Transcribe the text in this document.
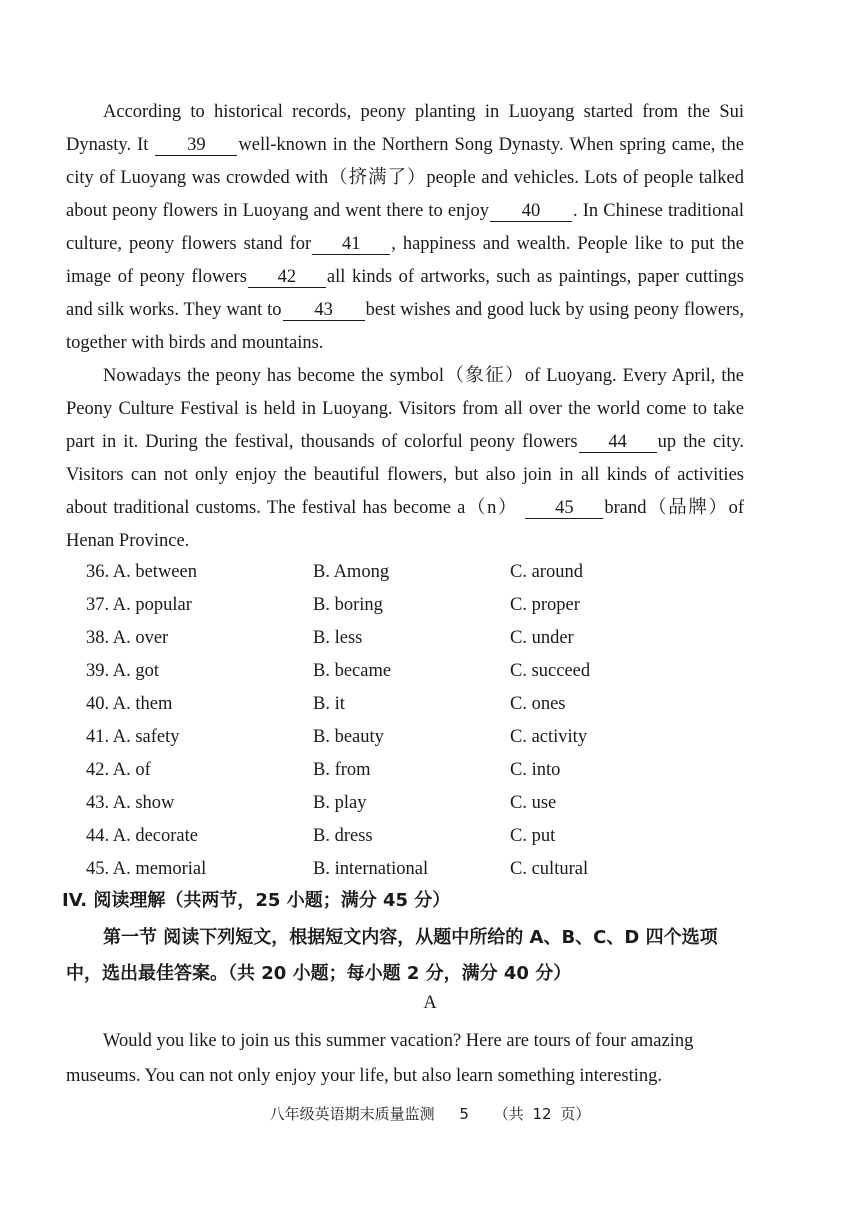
According to historical records, peony planting in Luoyang started from the Sui Dynasty. It 39 well-known in the Northern Song Dynasty. When spring came, the city of Luoyang was crowded with（挤满了）people and vehicles. Lots of people talked about peony flowers in Luoyang and went there to enjoy 40 . In Chinese traditional culture, peony flowers stand for 41 , happiness and wealth. People like to put the image of peony flowers 42 all kinds of artworks, such as paintings, paper cuttings and silk works. They want to 43 best wishes and good luck by using peony flowers, together with birds and mountains.

Nowadays the peony has become the symbol（象征）of Luoyang. Every April, the Peony Culture Festival is held in Luoyang. Visitors from all over the world come to take part in it. During the festival, thousands of colorful peony flowers 44 up the city. Visitors can not only enjoy the beautiful flowers, but also join in all kinds of activities about traditional customs. The festival has become a（n） 45 brand（品牌）of Henan Province.

36. A. between	B. Among	C. around
37. A. popular	B. boring	C. proper
38. A. over	B. less	C. under
39. A. got	B. became	C. succeed
40. A. them	B. it	C. ones
41. A. safety	B. beauty	C. activity
42. A. of	B. from	C. into
43. A. show	B. play	C. use
44. A. decorate	B. dress	C. put
45. A. memorial	B. international	C. cultural
IV. 阅读理解（共两节，25 小题；满分 45 分）

第一节 阅读下列短文，根据短文内容，从题中所给的 A、B、C、D 四个选项中，选出最佳答案。（共 20 小题；每小题 2 分，满分 40 分）

A
Would you like to join us this summer vacation? Here are tours of four amazing museums. You can not only enjoy your life, but also learn something interesting.
八年级英语期末质量监测 5 （共 12 页）
